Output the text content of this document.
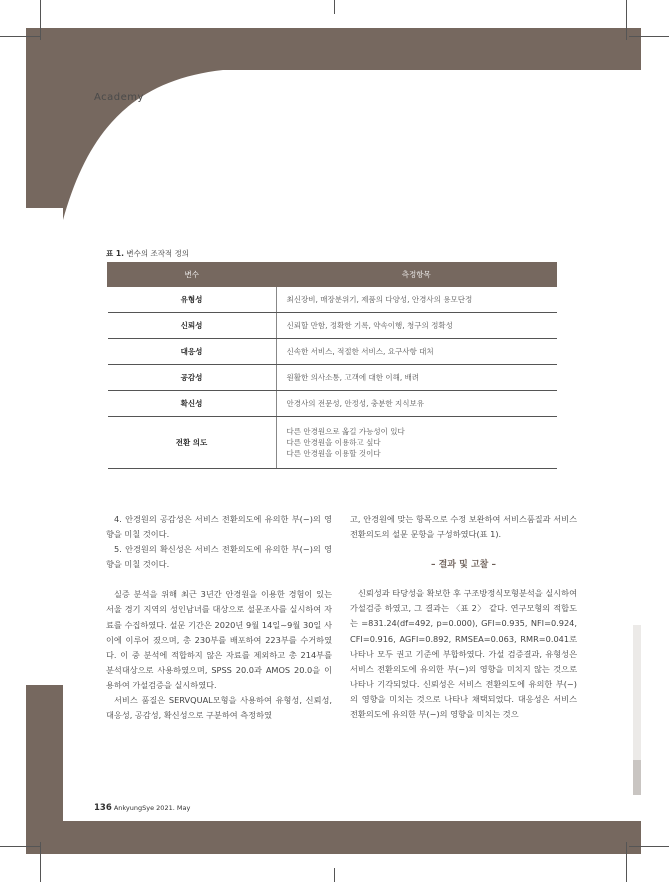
Academy
표 1. 변수의 조작적 정의
변수	측정항목
유형성	최신장비, 매장분위기, 제품의 다양성, 안경사의 용모단정
신뢰성	신뢰할 만함, 정확한 기록, 약속이행, 청구의 정확성
대응성	신속한 서비스, 적절한 서비스, 요구사항 대처
공감성	원활한 의사소통, 고객에 대한 이해, 배려
확신성	안경사의 전문성, 안정성, 충분한 지식보유
전환 의도	다른 안경원으로 옮길 가능성이 있다
다른 안경원을 이용하고 싶다
다른 안경원을 이용할 것이다

4. 안경원의 공감성은 서비스 전환의도에 유의한 부(−)의 영향을 미칠 것이다.

5. 안경원의 확신성은 서비스 전환의도에 유의한 부(−)의 영향을 미칠 것이다.

실증 분석을 위해 최근 3년간 안경원을 이용한 경험이 있는 서울 경기 지역의 성인남녀를 대상으로 설문조사를 실시하여 자료를 수집하였다. 설문 기간은 2020년 9월 14일~9월 30일 사이에 이루어 졌으며, 총 230부를 배포하여 223부를 수거하였다. 이 중 분석에 적합하지 않은 자료를 제외하고 총 214부를 분석대상으로 사용하였으며, SPSS 20.0과 AMOS 20.0을 이용하여 가설검증을 실시하였다.

서비스 품질은 SERVQUAL모형을 사용하여 유형성, 신뢰성, 대응성, 공감성, 확신성으로 구분하여 측정하였

고, 안경원에 맞는 항목으로 수정 보완하여 서비스품질과 서비스 전환의도의 설문 문항을 구성하였다(표 1).

– 결과 및 고찰 –

신뢰성과 타당성을 확보한 후 구조방정식모형분석을 실시하여 가설검증 하였고, 그 결과는 〈표 2〉 같다. 연구모형의 적합도는 =831.24(df=492, p=0.000), GFI=0.935, NFI=0.924, CFI=0.916, AGFI=0.892, RMSEA=0.063, RMR=0.041로 나타나 모두 권고 기준에 부합하였다. 가설 검증결과, 유형성은 서비스 전환의도에 유의한 부(−)의 영향을 미치지 않는 것으로 나타나 기각되었다. 신뢰성은 서비스 전환의도에 유의한 부(−)의 영향을 미치는 것으로 나타나 채택되었다. 대응성은 서비스 전환의도에 유의한 부(−)의 영향을 미치는 것으

136 AnkyungSye 2021. May
